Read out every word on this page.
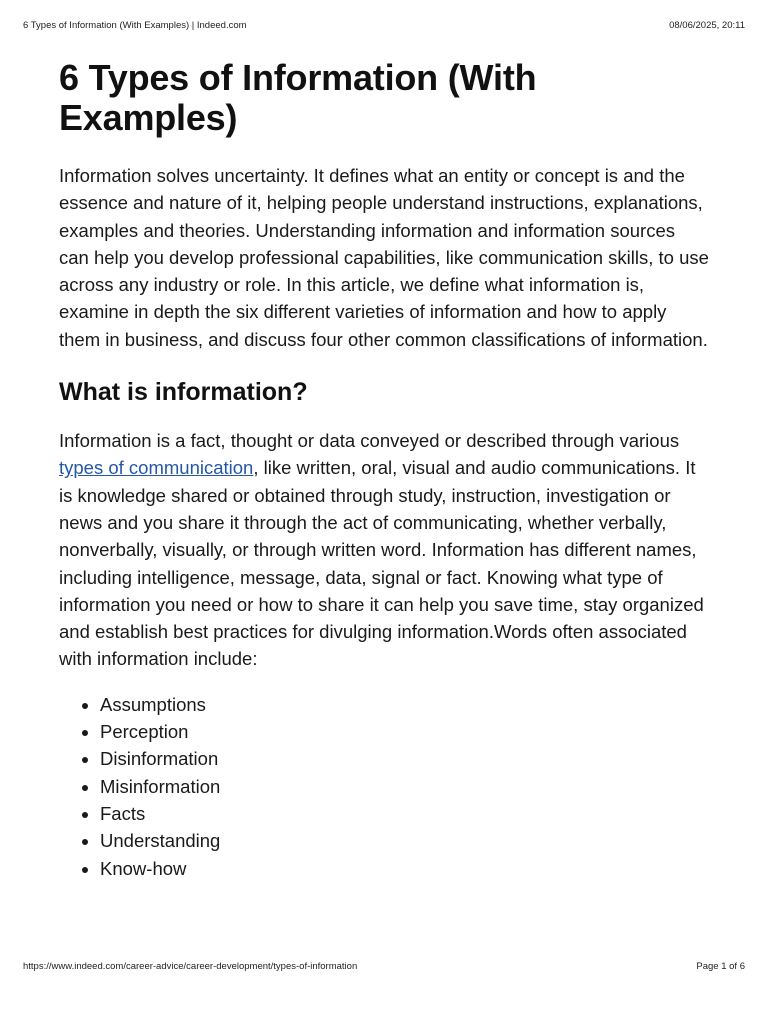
6 Types of Information (With Examples) | Indeed.com	08/06/2025, 20:11
6 Types of Information (With Examples)

Information solves uncertainty. It defines what an entity or concept is and the essence and nature of it, helping people understand instructions, explanations, examples and theories. Understanding information and information sources can help you develop professional capabilities, like communication skills, to use across any industry or role. In this article, we define what information is, examine in depth the six different varieties of information and how to apply them in business, and discuss four other common classifications of information.

What is information?

Information is a fact, thought or data conveyed or described through various types of communication, like written, oral, visual and audio communications. It is knowledge shared or obtained through study, instruction, investigation or news and you share it through the act of communicating, whether verbally, nonverbally, visually, or through written word. Information has different names, including intelligence, message, data, signal or fact. Knowing what type of information you need or how to share it can help you save time, stay organized and establish best practices for divulging information.Words often associated with information include:

• Assumptions
• Perception
• Disinformation
• Misinformation
• Facts
• Understanding
• Know-how
https://www.indeed.com/career-advice/career-development/types-of-information	Page 1 of 6
